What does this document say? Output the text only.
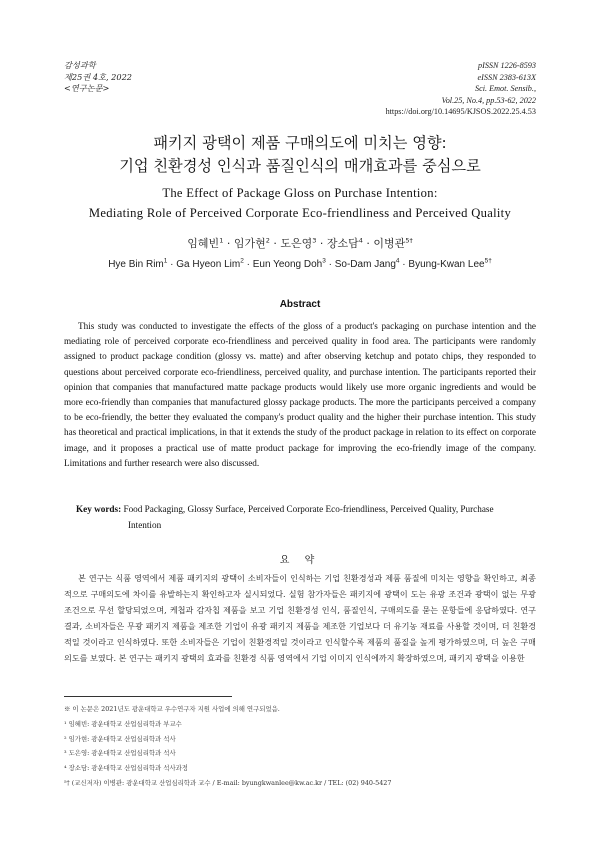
감성과학
제25권 4호, 2022
<연구논문>
pISSN 1226-8593
eISSN 2383-613X
Sci. Emot. Sensib.,
Vol.25, No.4, pp.53-62, 2022
https://doi.org/10.14695/KJSOS.2022.25.4.53
패키지 광택이 제품 구매의도에 미치는 영향:
기업 친환경성 인식과 품질인식의 매개효과를 중심으로
The Effect of Package Gloss on Purchase Intention:
Mediating Role of Perceived Corporate Eco-friendliness and Perceived Quality
임혜빈$^1$ · 임가현$^2$ · 도은영$^3$ · 장소담$^4$ · 이병관$^{5\dagger}$
Hye Bin Rim$^1$ · Ga Hyeon Lim$^2$ · Eun Yeong Doh$^3$ · So-Dam Jang$^4$ · Byung-Kwan Lee$^{5\dagger}$
Abstract
This study was conducted to investigate the effects of the gloss of a product's packaging on purchase intention and the mediating role of perceived corporate eco-friendliness and perceived quality in food area. The participants were randomly assigned to product package condition (glossy vs. matte) and after observing ketchup and potato chips, they responded to questions about perceived corporate eco-friendliness, perceived quality, and purchase intention. The participants reported their opinion that companies that manufactured matte package products would likely use more organic ingredients and would be more eco-friendly than companies that manufactured glossy package products. The more the participants perceived a company to be eco-friendly, the better they evaluated the company's product quality and the higher their purchase intention. This study has theoretical and practical implications, in that it extends the study of the product package in relation to its effect on corporate image, and it proposes a practical use of matte product package for improving the eco-friendly image of the company. Limitations and further research were also discussed.
Key words: Food Packaging, Glossy Surface, Perceived Corporate Eco-friendliness, Perceived Quality, Purchase
Intention
요 약
본 연구는 식품 영역에서 제품 패키지의 광택이 소비자들이 인식하는 기업 친환경성과 제품 품질에 미치는 영향을 확인하고, 최종적으로 구매의도에 차이를 유발하는지 확인하고자 실시되었다. 실험 참가자들은 패키지에 광택이 도는 유광 조건과 광택이 없는 무광 조건으로 무선 할당되었으며, 케첩과 감자칩 제품을 보고 기업 친환경성 인식, 품질인식, 구매의도를 묻는 문항들에 응답하였다. 연구 결과, 소비자들은 무광 패키지 제품을 제조한 기업이 유광 패키지 제품을 제조한 기업보다 더 유기농 재료를 사용할 것이며, 더 친환경적일 것이라고 인식하였다. 또한 소비자들은 기업이 친환경적일 것이라고 인식할수록 제품의 품질을 높게 평가하였으며, 더 높은 구매의도를 보였다. 본 연구는 패키지 광택의 효과를 친환경 식품 영역에서 기업 이미지 인식에까지 확장하였으며, 패키지 광택을 이용한
※ 이 논문은 2021년도 광운대학교 우수연구자 지원 사업에 의해 연구되었음.
¹ 임혜빈: 광운대학교 산업심리학과 부교수
² 임가현: 광운대학교 산업심리학과 석사
³ 도은영: 광운대학교 산업심리학과 석사
⁴ 장소담: 광운대학교 산업심리학과 석사과정
⁵† (교신저자) 이병관: 광운대학교 산업심리학과 교수 / E-mail: byungkwanlee@kw.ac.kr / TEL: (02) 940-5427
